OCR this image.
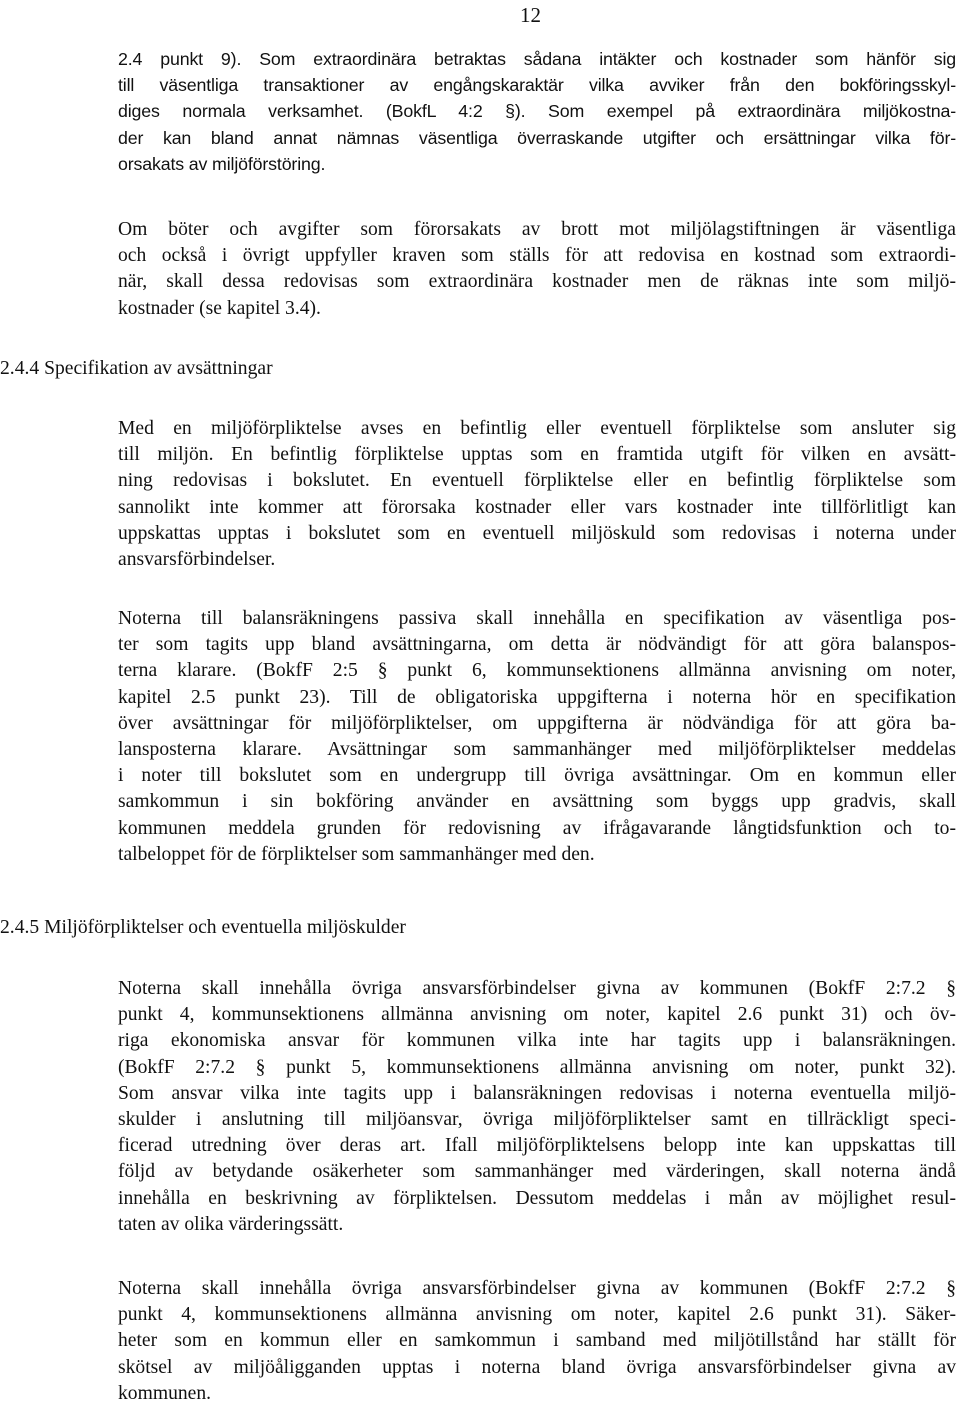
12
2.4 punkt 9). Som extraordinära betraktas sådana intäkter och kostnader som hänför sig
till väsentliga transaktioner av engångskaraktär vilka avviker från den bokföringsskyl-
diges normala verksamhet. (BokfL 4:2 §). Som exempel på extraordinära miljökostna-
der kan bland annat nämnas väsentliga överraskande utgifter och ersättningar vilka för-
orsakats av miljöförstöring.
Om böter och avgifter som förorsakats av brott mot miljölagstiftningen är väsentliga
och också i övrigt uppfyller kraven som ställs för att redovisa en kostnad som extraordi-
när, skall dessa redovisas som extraordinära kostnader men de räknas inte som miljö-
kostnader (se kapitel 3.4).
2.4.4 Specifikation av avsättningar
Med en miljöförpliktelse avses en befintlig eller eventuell förpliktelse som ansluter sig
till miljön. En befintlig förpliktelse upptas som en framtida utgift för vilken en avsätt-
ning redovisas i bokslutet. En eventuell förpliktelse eller en befintlig förpliktelse som
sannolikt inte kommer att förorsaka kostnader eller vars kostnader inte tillförlitligt kan
uppskattas upptas i bokslutet som en eventuell miljöskuld som redovisas i noterna under
ansvarsförbindelser.
Noterna till balansräkningens passiva skall innehålla en specifikation av väsentliga pos-
ter som tagits upp bland avsättningarna, om detta är nödvändigt för att göra balanspos-
terna klarare. (BokfF 2:5 § punkt 6, kommunsektionens allmänna anvisning om noter,
kapitel 2.5 punkt 23). Till de obligatoriska uppgifterna i noterna hör en specifikation
över avsättningar för miljöförpliktelser, om uppgifterna är nödvändiga för att göra ba-
lansposterna klarare. Avsättningar som sammanhänger med miljöförpliktelser meddelas
i noter till bokslutet som en undergrupp till övriga avsättningar. Om en kommun eller
samkommun i sin bokföring använder en avsättning som byggs upp gradvis, skall
kommunen meddela grunden för redovisning av ifrågavarande långtidsfunktion och to-
talbeloppet för de förpliktelser som sammanhänger med den.
2.4.5 Miljöförpliktelser och eventuella miljöskulder
Noterna skall innehålla övriga ansvarsförbindelser givna av kommunen (BokfF 2:7.2 §
punkt 4, kommunsektionens allmänna anvisning om noter, kapitel 2.6 punkt 31) och öv-
riga ekonomiska ansvar för kommunen vilka inte har tagits upp i balansräkningen.
(BokfF 2:7.2 § punkt 5, kommunsektionens allmänna anvisning om noter, punkt 32).
Som ansvar vilka inte tagits upp i balansräkningen redovisas i noterna eventuella miljö-
skulder i anslutning till miljöansvar, övriga miljöförpliktelser samt en tillräckligt speci-
ficerad utredning över deras art. Ifall miljöförpliktelsens belopp inte kan uppskattas till
följd av betydande osäkerheter som sammanhänger med värderingen, skall noterna ändå
innehålla en beskrivning av förpliktelsen. Dessutom meddelas i mån av möjlighet resul-
taten av olika värderingssätt.
Noterna skall innehålla övriga ansvarsförbindelser givna av kommunen (BokfF 2:7.2 §
punkt 4, kommunsektionens allmänna anvisning om noter, kapitel 2.6 punkt 31). Säker-
heter som en kommun eller en samkommun i samband med miljötillstånd har ställt för
skötsel av miljöåligganden upptas i noterna bland övriga ansvarsförbindelser givna av
kommunen.
